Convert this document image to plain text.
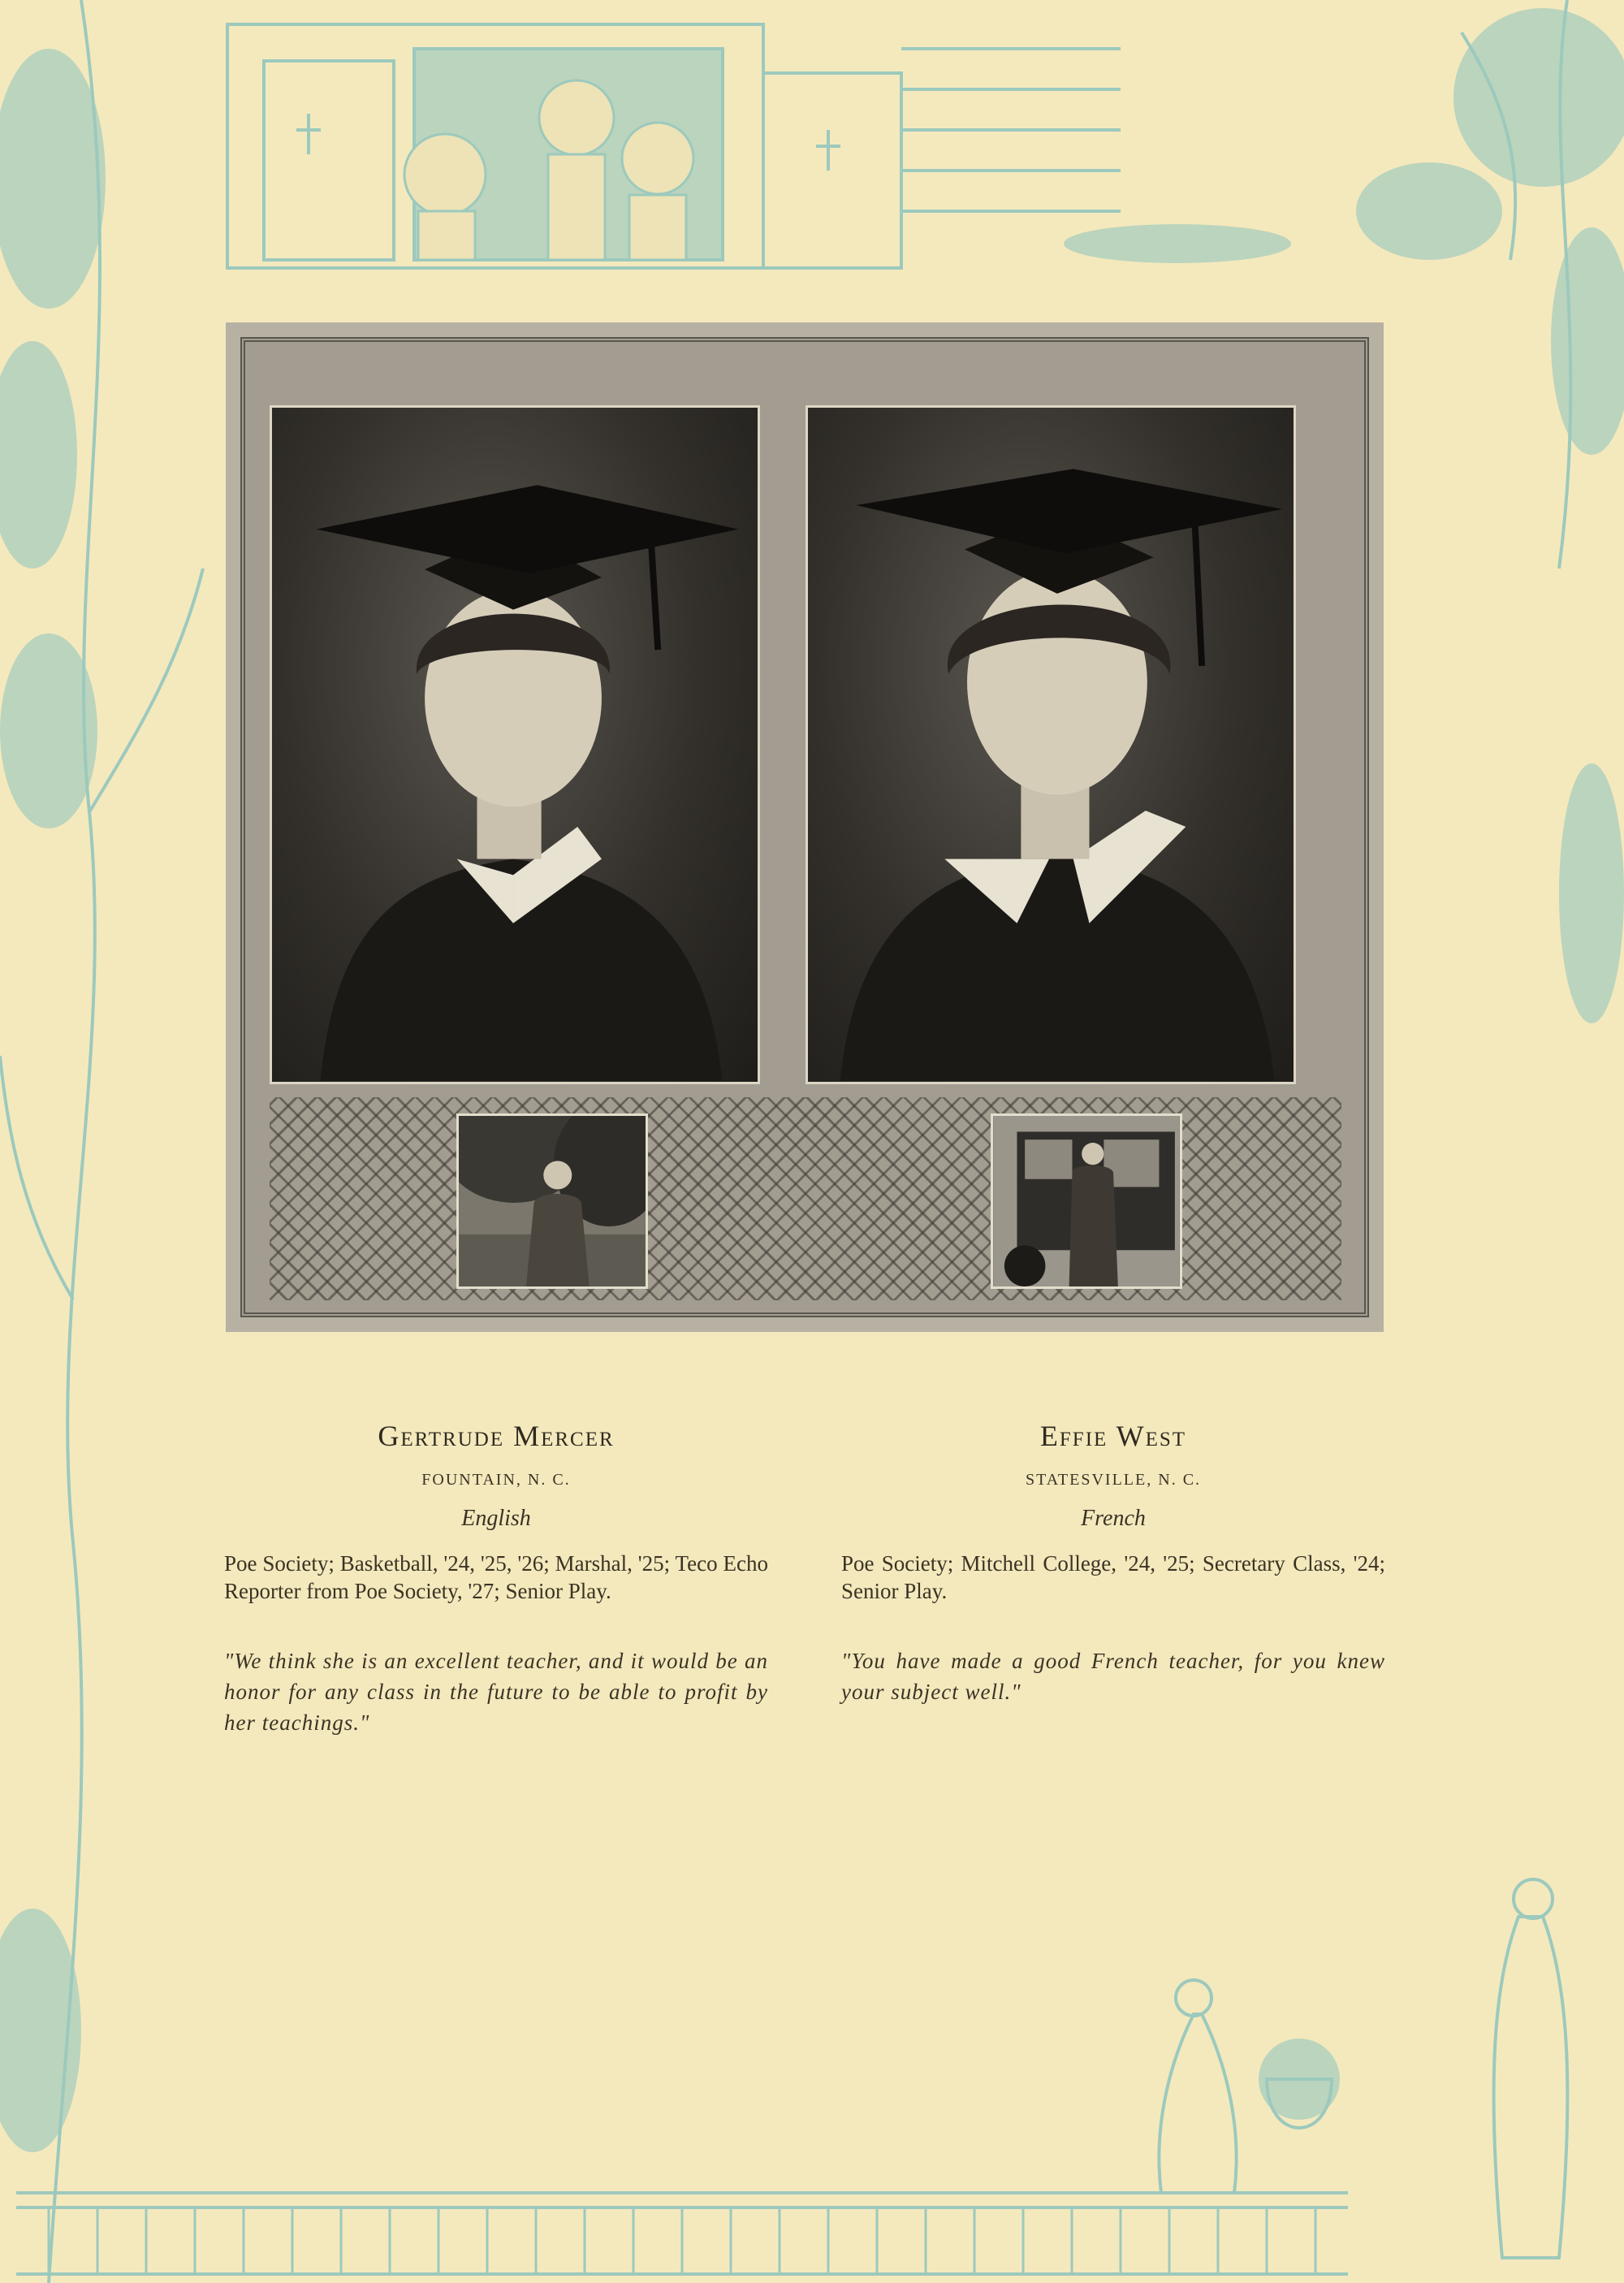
Gertrude Mercer
FOUNTAIN, N. C.
English

Poe Society; Basketball, '24, '25, '26; Marshal, '25; Teco Echo Reporter from Poe Society, '27; Senior Play.

"We think she is an excellent teacher, and it would be an honor for any class in the future to be able to profit by her teachings."

Effie West
STATESVILLE, N. C.
French

Poe Society; Mitchell College, '24, '25; Secretary Class, '24; Senior Play.

"You have made a good French teacher, for you knew your subject well."
